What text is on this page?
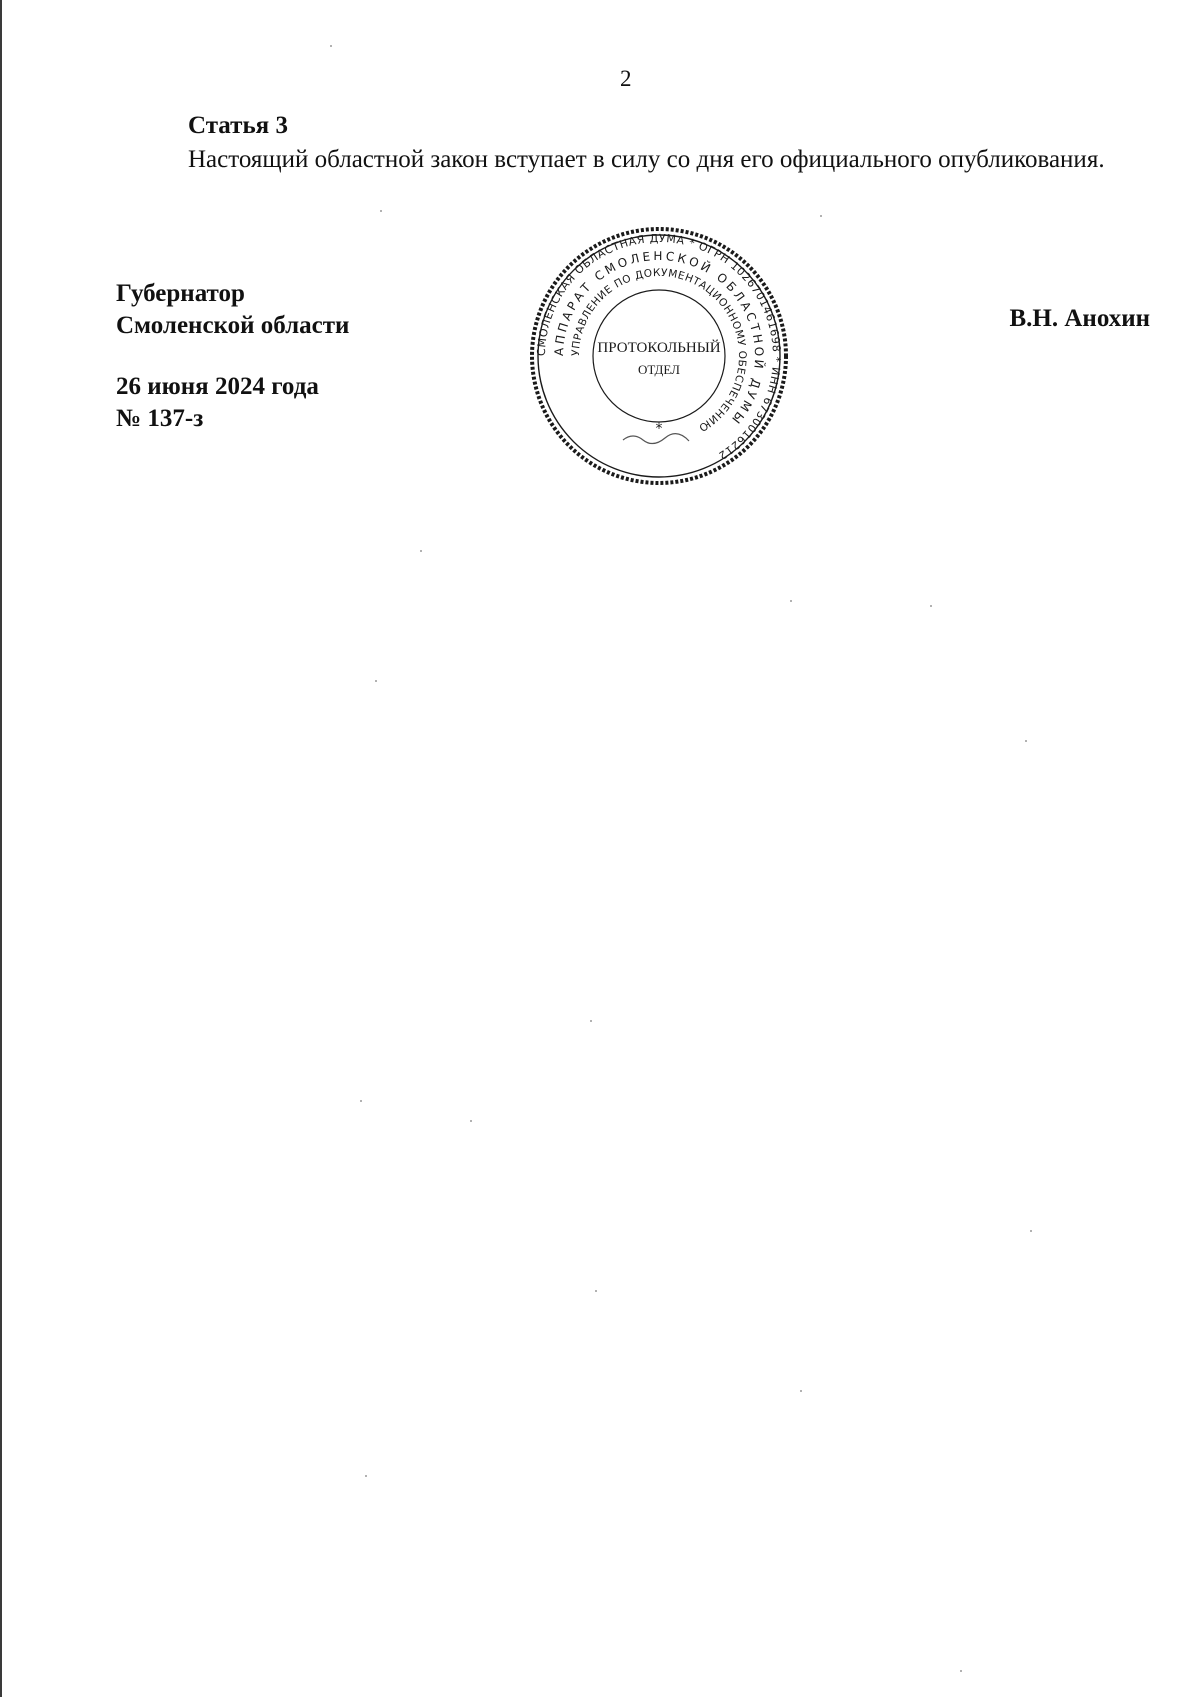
2
Статья 3

Настоящий областной закон вступает в силу со дня его официального опубликования.

Губернатор
Смоленской области	В.Н. Анохин
26 июня 2024 года
№ 137-з
СМОЛЕНСКАЯ ОБЛАСТНАЯ ДУМА * ОГРН 1026701461698 * ИНН 6730016212
АППАРАТ СМОЛЕНСКОЙ ОБЛАСТНОЙ ДУМЫ
УПРАВЛЕНИЕ ПО ДОКУМЕНТАЦИОННОМУ ОБЕСПЕЧЕНИЮ
ПРОТОКОЛЬНЫЙ
ОТДЕЛ
*
